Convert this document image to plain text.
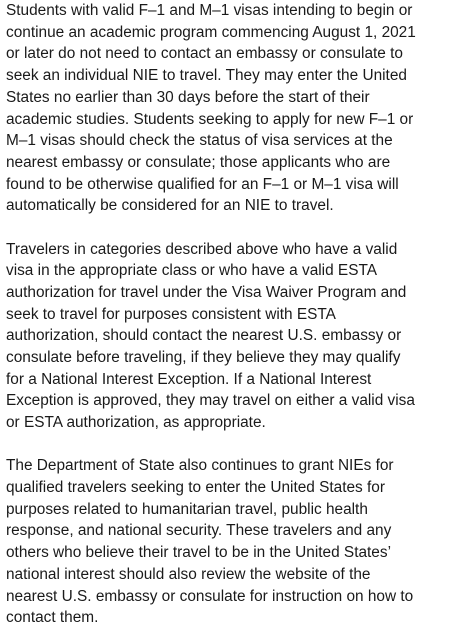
Students with valid F–1 and M–1 visas intending to begin or
continue an academic program commencing August 1, 2021
or later do not need to contact an embassy or consulate to
seek an individual NIE to travel. They may enter the United
States no earlier than 30 days before the start of their
academic studies. Students seeking to apply for new F–1 or
M–1 visas should check the status of visa services at the
nearest embassy or consulate; those applicants who are
found to be otherwise qualified for an F–1 or M–1 visa will
automatically be considered for an NIE to travel.

Travelers in categories described above who have a valid
visa in the appropriate class or who have a valid ESTA
authorization for travel under the Visa Waiver Program and
seek to travel for purposes consistent with ESTA
authorization, should contact the nearest U.S. embassy or
consulate before traveling, if they believe they may qualify
for a National Interest Exception. If a National Interest
Exception is approved, they may travel on either a valid visa
or ESTA authorization, as appropriate.

The Department of State also continues to grant NIEs for
qualified travelers seeking to enter the United States for
purposes related to humanitarian travel, public health
response, and national security. These travelers and any
others who believe their travel to be in the United States’
national interest should also review the website of the
nearest U.S. embassy or consulate for instruction on how to
contact them.
